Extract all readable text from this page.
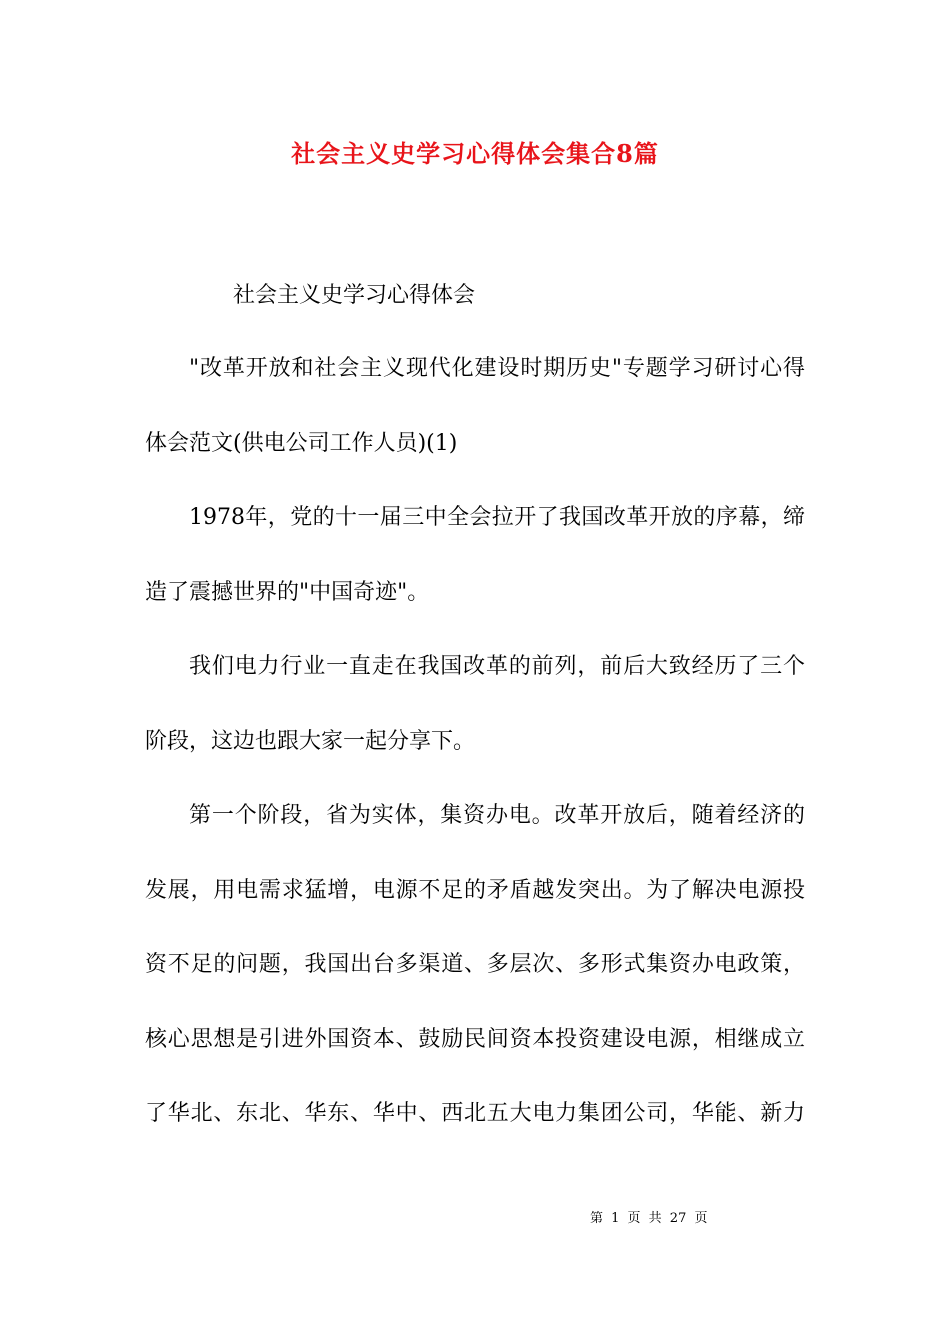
社会主义史学习心得体会集合8篇

社会主义史学习心得体会

"改革开放和社会主义现代化建设时期历史"专题学习研讨心得

体会范文(供电公司工作人员)(1)

1978年，党的十一届三中全会拉开了我国改革开放的序幕，缔

造了震撼世界的"中国奇迹"。

我们电力行业一直走在我国改革的前列，前后大致经历了三个

阶段，这边也跟大家一起分享下。

第一个阶段，省为实体，集资办电。改革开放后，随着经济的

发展，用电需求猛增，电源不足的矛盾越发突出。为了解决电源投

资不足的问题，我国出台多渠道、多层次、多形式集资办电政策，

核心思想是引进外国资本、鼓励民间资本投资建设电源，相继成立

了华北、东北、华东、华中、西北五大电力集团公司，华能、新力

第 1 页 共 27 页
